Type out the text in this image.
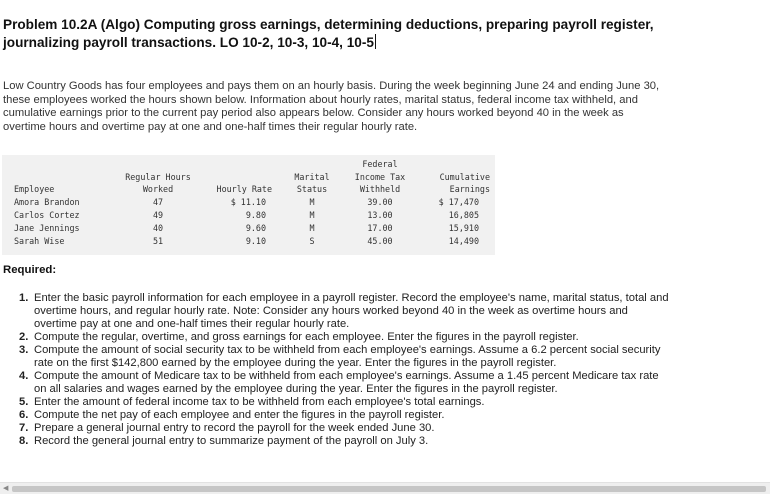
Problem 10.2A (Algo) Computing gross earnings, determining deductions, preparing payroll register,
journalizing payroll transactions. LO 10-2, 10-3, 10-4, 10-5
Low Country Goods has four employees and pays them on an hourly basis. During the week beginning June 24 and ending June 30,
these employees worked the hours shown below. Information about hourly rates, marital status, federal income tax withheld, and
cumulative earnings prior to the current pay period also appears below. Consider any hours worked beyond 40 in the week as
overtime hours and overtime pay at one and one-half times their regular hourly rate.
Employee
Amora Brandon
Carlos Cortez
Jane Jennings
Sarah Wise
Regular Hours
Worked
47
49
40
51
Hourly Rate
$ 11.10
9.80
9.60
9.10
Marital
Status
M
M
M
S
Federal
Income Tax
Withheld
39.00
13.00
17.00
45.00
Cumulative
Earnings
$ 17,470
16,805
15,910
14,490
Required:
1. Enter the basic payroll information for each employee in a payroll register. Record the employee's name, marital status, total and
overtime hours, and regular hourly rate. Note: Consider any hours worked beyond 40 in the week as overtime hours and
overtime pay at one and one-half times their regular hourly rate.
2. Compute the regular, overtime, and gross earnings for each employee. Enter the figures in the payroll register.
3. Compute the amount of social security tax to be withheld from each employee's earnings. Assume a 6.2 percent social security
rate on the first $142,800 earned by the employee during the year. Enter the figures in the payroll register.
4. Compute the amount of Medicare tax to be withheld from each employee's earnings. Assume a 1.45 percent Medicare tax rate
on all salaries and wages earned by the employee during the year. Enter the figures in the payroll register.
5. Enter the amount of federal income tax to be withheld from each employee's total earnings.
6. Compute the net pay of each employee and enter the figures in the payroll register.
7. Prepare a general journal entry to record the payroll for the week ended June 30.
8. Record the general journal entry to summarize payment of the payroll on July 3.
◀
